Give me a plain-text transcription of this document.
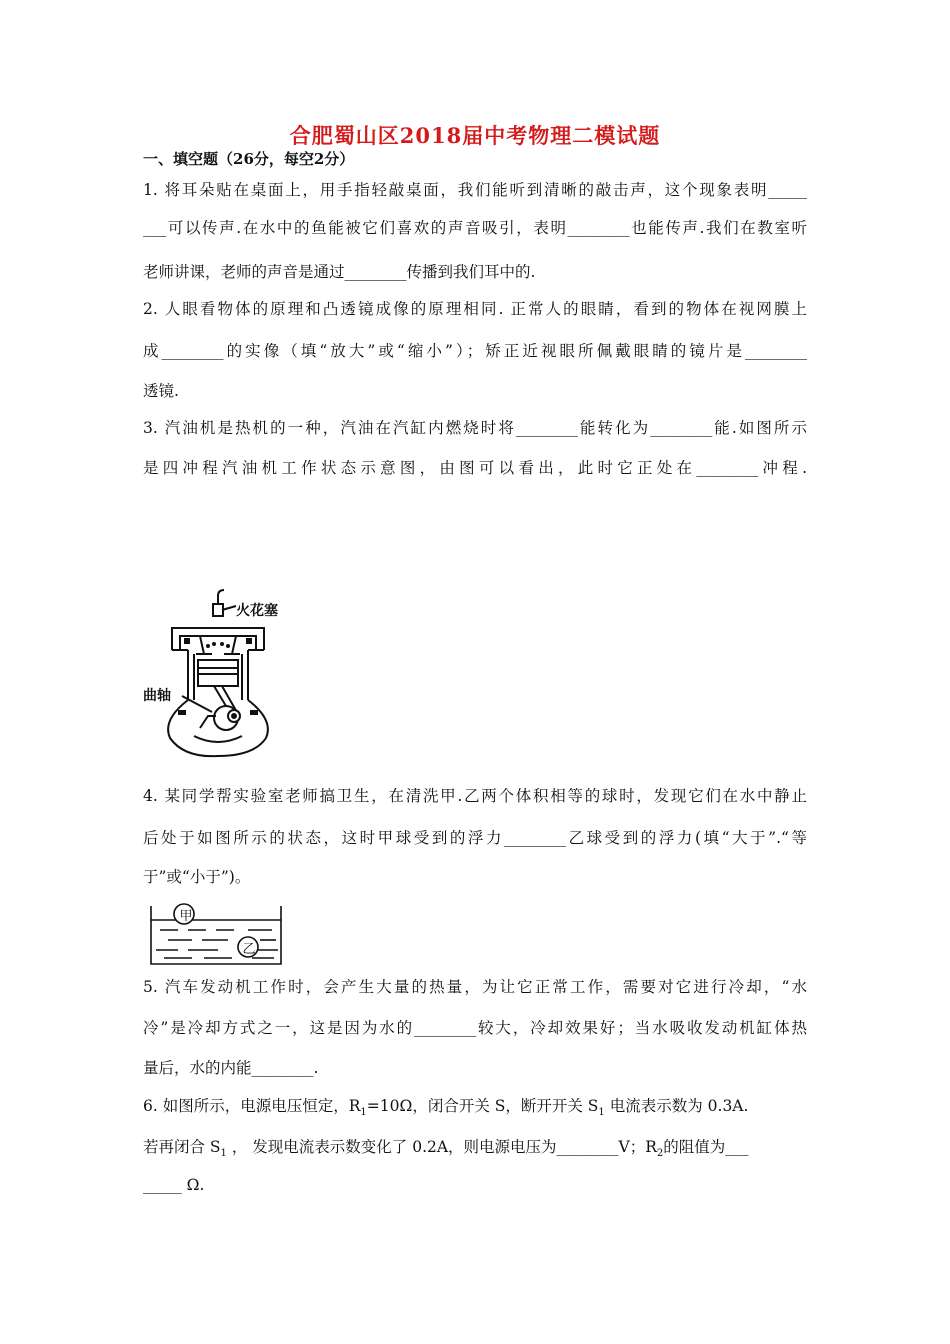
合肥蜀山区2018届中考物理二模试题
一、填空题（26分，每空2分）
1. 将耳朵贴在桌面上，用手指轻敲桌面，我们能听到清晰的敲击声，这个现象表明_____
___可以传声.在水中的鱼能被它们喜欢的声音吸引，表明________也能传声.我们在教室听
老师讲课，老师的声音是通过________传播到我们耳中的.
2. 人眼看物体的原理和凸透镜成像的原理相同. 正常人的眼睛，看到的物体在视网膜上
成________的实像（填“放大”或“缩小”）；矫正近视眼所佩戴眼睛的镜片是________
透镜.
3. 汽油机是热机的一种，汽油在汽缸内燃烧时将________能转化为________能.如图所示
是四冲程汽油机工作状态示意图，由图可以看出，此时它正处在________冲程.
火花塞
曲轴
4. 某同学帮实验室老师搞卫生，在清洗甲.乙两个体积相等的球时，发现它们在水中静止
后处于如图所示的状态，这时甲球受到的浮力________乙球受到的浮力(填“大于”.“等
于”或“小于”)。
甲
乙
5. 汽车发动机工作时，会产生大量的热量，为让它正常工作，需要对它进行冷却，“水
冷”是冷却方式之一，这是因为水的________较大，冷却效果好；当水吸收发动机缸体热
量后，水的内能________.
6. 如图所示，电源电压恒定，$R_1=10\Omega$，闭合开关 S，断开开关 $S_1$ 电流表示数为 0.3A.
若再闭合 $S_1$ ， 发现电流表示数变化了 0.2A，则电源电压为________V；$R_2$的阻值为___
_____ Ω.
